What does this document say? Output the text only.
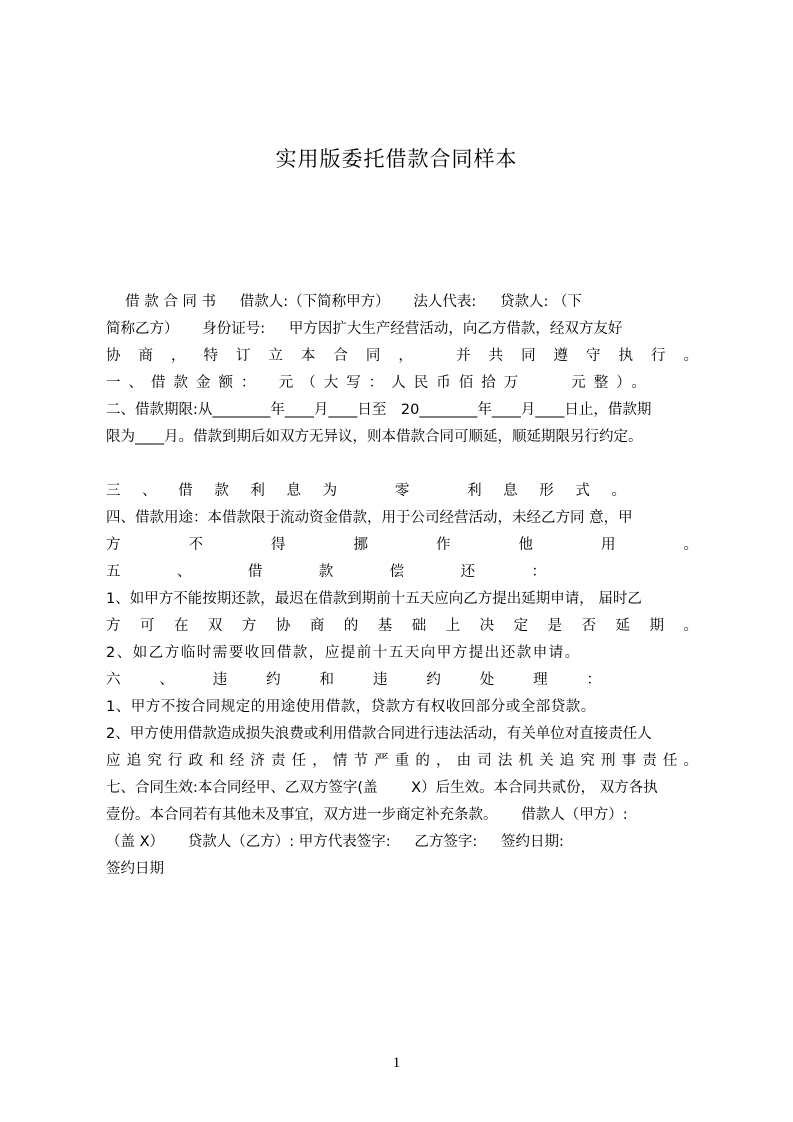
实用版委托借款合同样本
　 借 款 合 同 书 　 借款人:（下简称甲方） 　 法人代表: 　 贷款人: （下
简称乙方） 　 身份证号: 　 甲方因扩大生产经营活动，向乙方借款，经双方友好
协商，特订立本合同，　并共同遵守执行。
一、借款金额：　元（大写：人民币佰拾万　　元整）。
二、借款期限:从________年____月____日至　20________年____月____日止，借款期
限为____月。借款到期后如双方无异议，则本借款合同可顺延，顺延期限另行约定。
三、借款利息为　零　利息形式。
四、借款用途：本借款限于流动资金借款，用于公司经营活动，未经乙方同 意，甲
方不得挪作他用。
五、借款偿还：
1、如甲方不能按期还款，最迟在借款到期前十五天应向乙方提出延期申请， 届时乙
方可在双方协商的基础上决定是否延期。
2、如乙方临时需要收回借款，应提前十五天向甲方提出还款申请。
六、违约和违约处理：
1、甲方不按合同规定的用途使用借款，贷款方有权收回部分或全部贷款。
2、甲方使用借款造成损失浪费或利用借款合同进行违法活动，有关单位对直接责任人
应追究行政和经济责任，情节严重的，由司法机关追究刑事责任。
七、合同生效:本合同经甲、乙双方签字(盖　　 X）后生效。本合同共贰份， 双方各执
壹份。本合同若有其他未及事宜，双方进一步商定补充条款。 　 借款人（甲方）:
（盖 X） 　 贷款人（乙方）: 甲方代表签字: 　 乙方签字: 　 签约日期:
签约日期
1
